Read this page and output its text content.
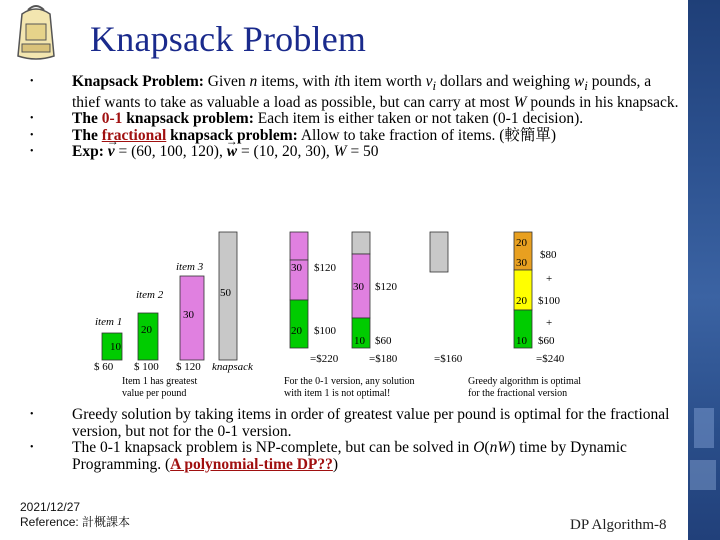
Knapsack Problem

• Knapsack Problem: Given n items, with ith item worth $v_i$ dollars and weighing $w_i$ pounds, a thief wants to take as valuable a load as possible, but can carry at most W pounds in his knapsack.

• The 0-1 knapsack problem: Each item is either taken or not taken (0-1 decision).

• The fractional knapsack problem: Allow to take fraction of items. (較簡單)

• Exp: v → = (60, 100, 120), w → = (10, 20, 30), W = 50

10
20
30
item 1
item 2
item 3
50
$ 60 $ 100 $ 120 knapsack
Item 1 has greatest
value per pound
30 $120
20 $100
=$220
30 $120
10 $60
=$180	=$160
20
30
$80
+
20 $100
+
10 $60
=$240
For the 0-1 version, any solution
with item 1 is not optimal!
Greedy algorithm is optimal
for the fractional version

• Greedy solution by taking items in order of greatest value per pound is optimal for the fractional version, but not for the 0-1 version.

• The 0-1 knapsack problem is NP-complete, but can be solved in O(nW) time by Dynamic Programming. (A polynomial-time DP??)

2021/12/27
Reference: 計概課本	DP Algorithm-8
